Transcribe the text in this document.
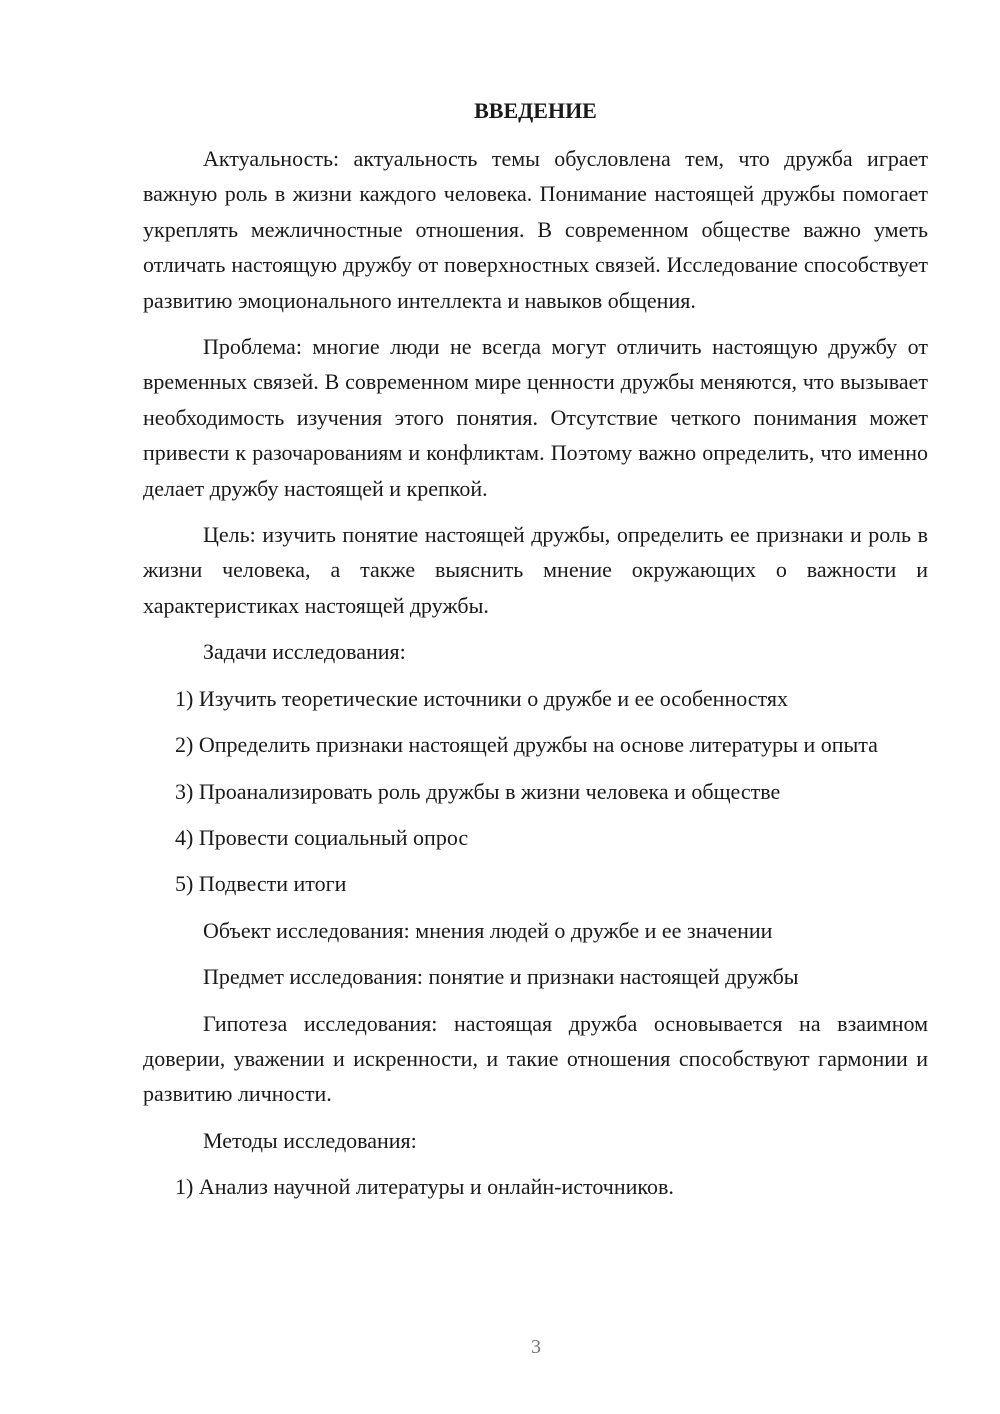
ВВЕДЕНИЕ

Актуальность: актуальность темы обусловлена тем, что дружба играет важную роль в жизни каждого человека. Понимание настоящей дружбы помогает укреплять межличностные отношения. В современном обществе важно уметь отличать настоящую дружбу от поверхностных связей. Исследование способствует развитию эмоционального интеллекта и навыков общения.

Проблема: многие люди не всегда могут отличить настоящую дружбу от временных связей. В современном мире ценности дружбы меняются, что вызывает необходимость изучения этого понятия. Отсутствие четкого понимания может привести к разочарованиям и конфликтам. Поэтому важно определить, что именно делает дружбу настоящей и крепкой.

Цель: изучить понятие настоящей дружбы, определить ее признаки и роль в жизни человека, а также выяснить мнение окружающих о важности и характеристиках настоящей дружбы.

Задачи исследования:

1) Изучить теоретические источники о дружбе и ее особенностях

2) Определить признаки настоящей дружбы на основе литературы и опыта

3) Проанализировать роль дружбы в жизни человека и обществе

4) Провести социальный опрос

5) Подвести итоги

Объект исследования: мнения людей о дружбе и ее значении

Предмет исследования: понятие и признаки настоящей дружбы

Гипотеза исследования: настоящая дружба основывается на взаимном доверии, уважении и искренности, и такие отношения способствуют гармонии и развитию личности.

Методы исследования:

1) Анализ научной литературы и онлайн-источников.

3
